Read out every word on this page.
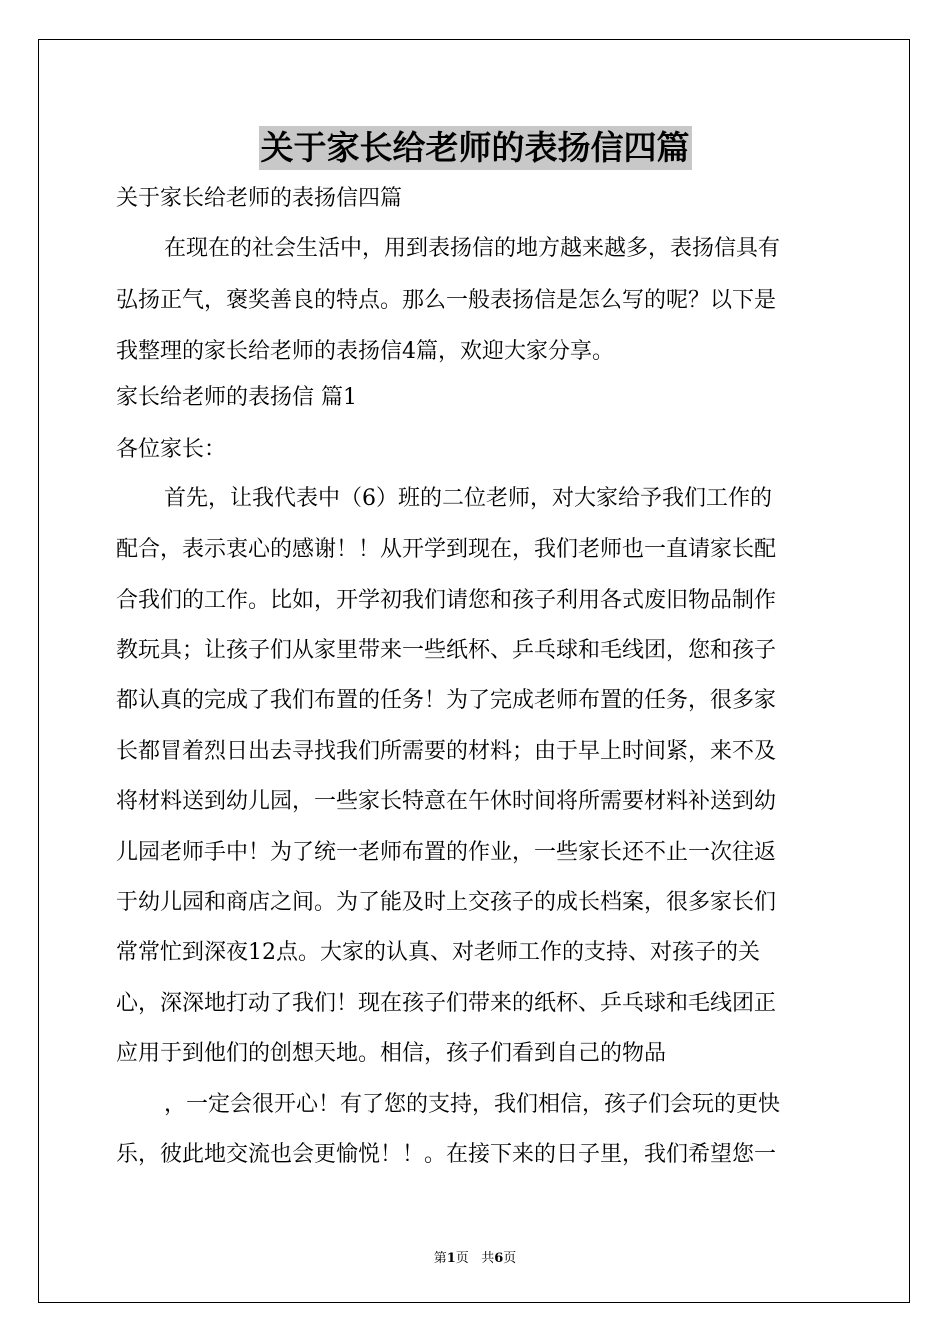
关于家长给老师的表扬信四篇
关于家长给老师的表扬信四篇
在现在的社会生活中，用到表扬信的地方越来越多，表扬信具有
弘扬正气，褒奖善良的特点。那么一般表扬信是怎么写的呢？以下是
我整理的家长给老师的表扬信4篇，欢迎大家分享。
家长给老师的表扬信 篇1
各位家长：
首先，让我代表中（6）班的二位老师，对大家给予我们工作的
配合，表示衷心的感谢！！从开学到现在，我们老师也一直请家长配
合我们的工作。比如，开学初我们请您和孩子利用各式废旧物品制作
教玩具；让孩子们从家里带来一些纸杯、乒乓球和毛线团，您和孩子
都认真的完成了我们布置的任务！为了完成老师布置的任务，很多家
长都冒着烈日出去寻找我们所需要的材料；由于早上时间紧，来不及
将材料送到幼儿园，一些家长特意在午休时间将所需要材料补送到幼
儿园老师手中！为了统一老师布置的作业，一些家长还不止一次往返
于幼儿园和商店之间。为了能及时上交孩子的成长档案，很多家长们
常常忙到深夜12点。大家的认真、对老师工作的支持、对孩子的关
心，深深地打动了我们！现在孩子们带来的纸杯、乒乓球和毛线团正
应用于到他们的创想天地。相信，孩子们看到自己的物品
，一定会很开心！有了您的支持，我们相信，孩子们会玩的更快
乐，彼此地交流也会更愉悦！！。在接下来的日子里，我们希望您一
第1页 共6页
